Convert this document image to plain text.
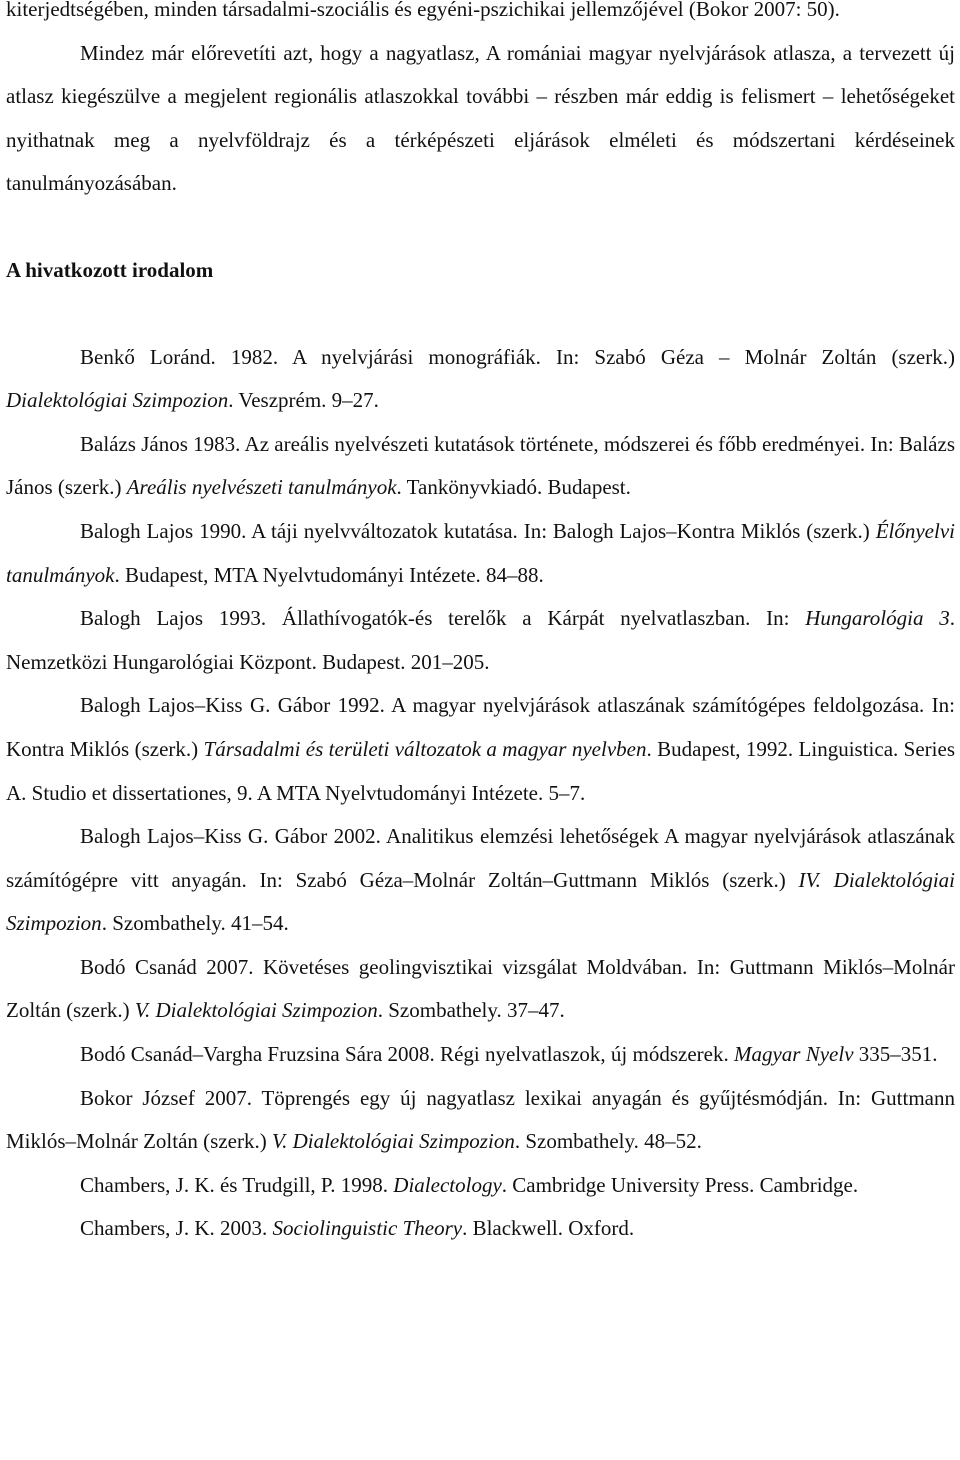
kiterjedtségében, minden társadalmi-szociális és egyéni-pszichikai jellemzőjével (Bokor 2007: 50).

Mindez már előrevetíti azt, hogy a nagyatlasz, A romániai magyar nyelvjárások atlasza, a tervezett új atlasz kiegészülve a megjelent regionális atlaszokkal további – részben már eddig is felismert – lehetőségeket nyithatnak meg a nyelvföldrajz és a térképészeti eljárások elméleti és módszertani kérdéseinek tanulmányozásában.

A hivatkozott irodalom

Benkő Loránd. 1982. A nyelvjárási monográfiák. In: Szabó Géza – Molnár Zoltán (szerk.) Dialektológiai Szimpozion. Veszprém. 9–27.

Balázs János 1983. Az areális nyelvészeti kutatások története, módszerei és főbb eredményei. In: Balázs János (szerk.) Areális nyelvészeti tanulmányok. Tankönyvkiadó. Budapest.

Balogh Lajos 1990. A táji nyelvváltozatok kutatása. In: Balogh Lajos–Kontra Miklós (szerk.) Élőnyelvi tanulmányok. Budapest, MTA Nyelvtudományi Intézete. 84–88.

Balogh Lajos 1993. Állathívogatók-és terelők a Kárpát nyelvatlaszban. In: Hungarológia 3. Nemzetközi Hungarológiai Központ. Budapest. 201–205.

Balogh Lajos–Kiss G. Gábor 1992. A magyar nyelvjárások atlaszának számítógépes feldolgozása. In: Kontra Miklós (szerk.) Társadalmi és területi változatok a magyar nyelvben. Budapest, 1992. Linguistica. Series A. Studio et dissertationes, 9. A MTA Nyelvtudományi Intézete. 5–7.

Balogh Lajos–Kiss G. Gábor 2002. Analitikus elemzési lehetőségek A magyar nyelvjárások atlaszának számítógépre vitt anyagán. In: Szabó Géza–Molnár Zoltán–Guttmann Miklós (szerk.) IV. Dialektológiai Szimpozion. Szombathely. 41–54.

Bodó Csanád 2007. Követéses geolingvisztikai vizsgálat Moldvában. In: Guttmann Miklós–Molnár Zoltán (szerk.) V. Dialektológiai Szimpozion. Szombathely. 37–47.

Bodó Csanád–Vargha Fruzsina Sára 2008. Régi nyelvatlaszok, új módszerek. Magyar Nyelv 335–351.

Bokor József 2007. Töprengés egy új nagyatlasz lexikai anyagán és gyűjtésmódján. In: Guttmann Miklós–Molnár Zoltán (szerk.) V. Dialektológiai Szimpozion. Szombathely. 48–52.

Chambers, J. K. és Trudgill, P. 1998. Dialectology. Cambridge University Press. Cambridge.

Chambers, J. K. 2003. Sociolinguistic Theory. Blackwell. Oxford.
